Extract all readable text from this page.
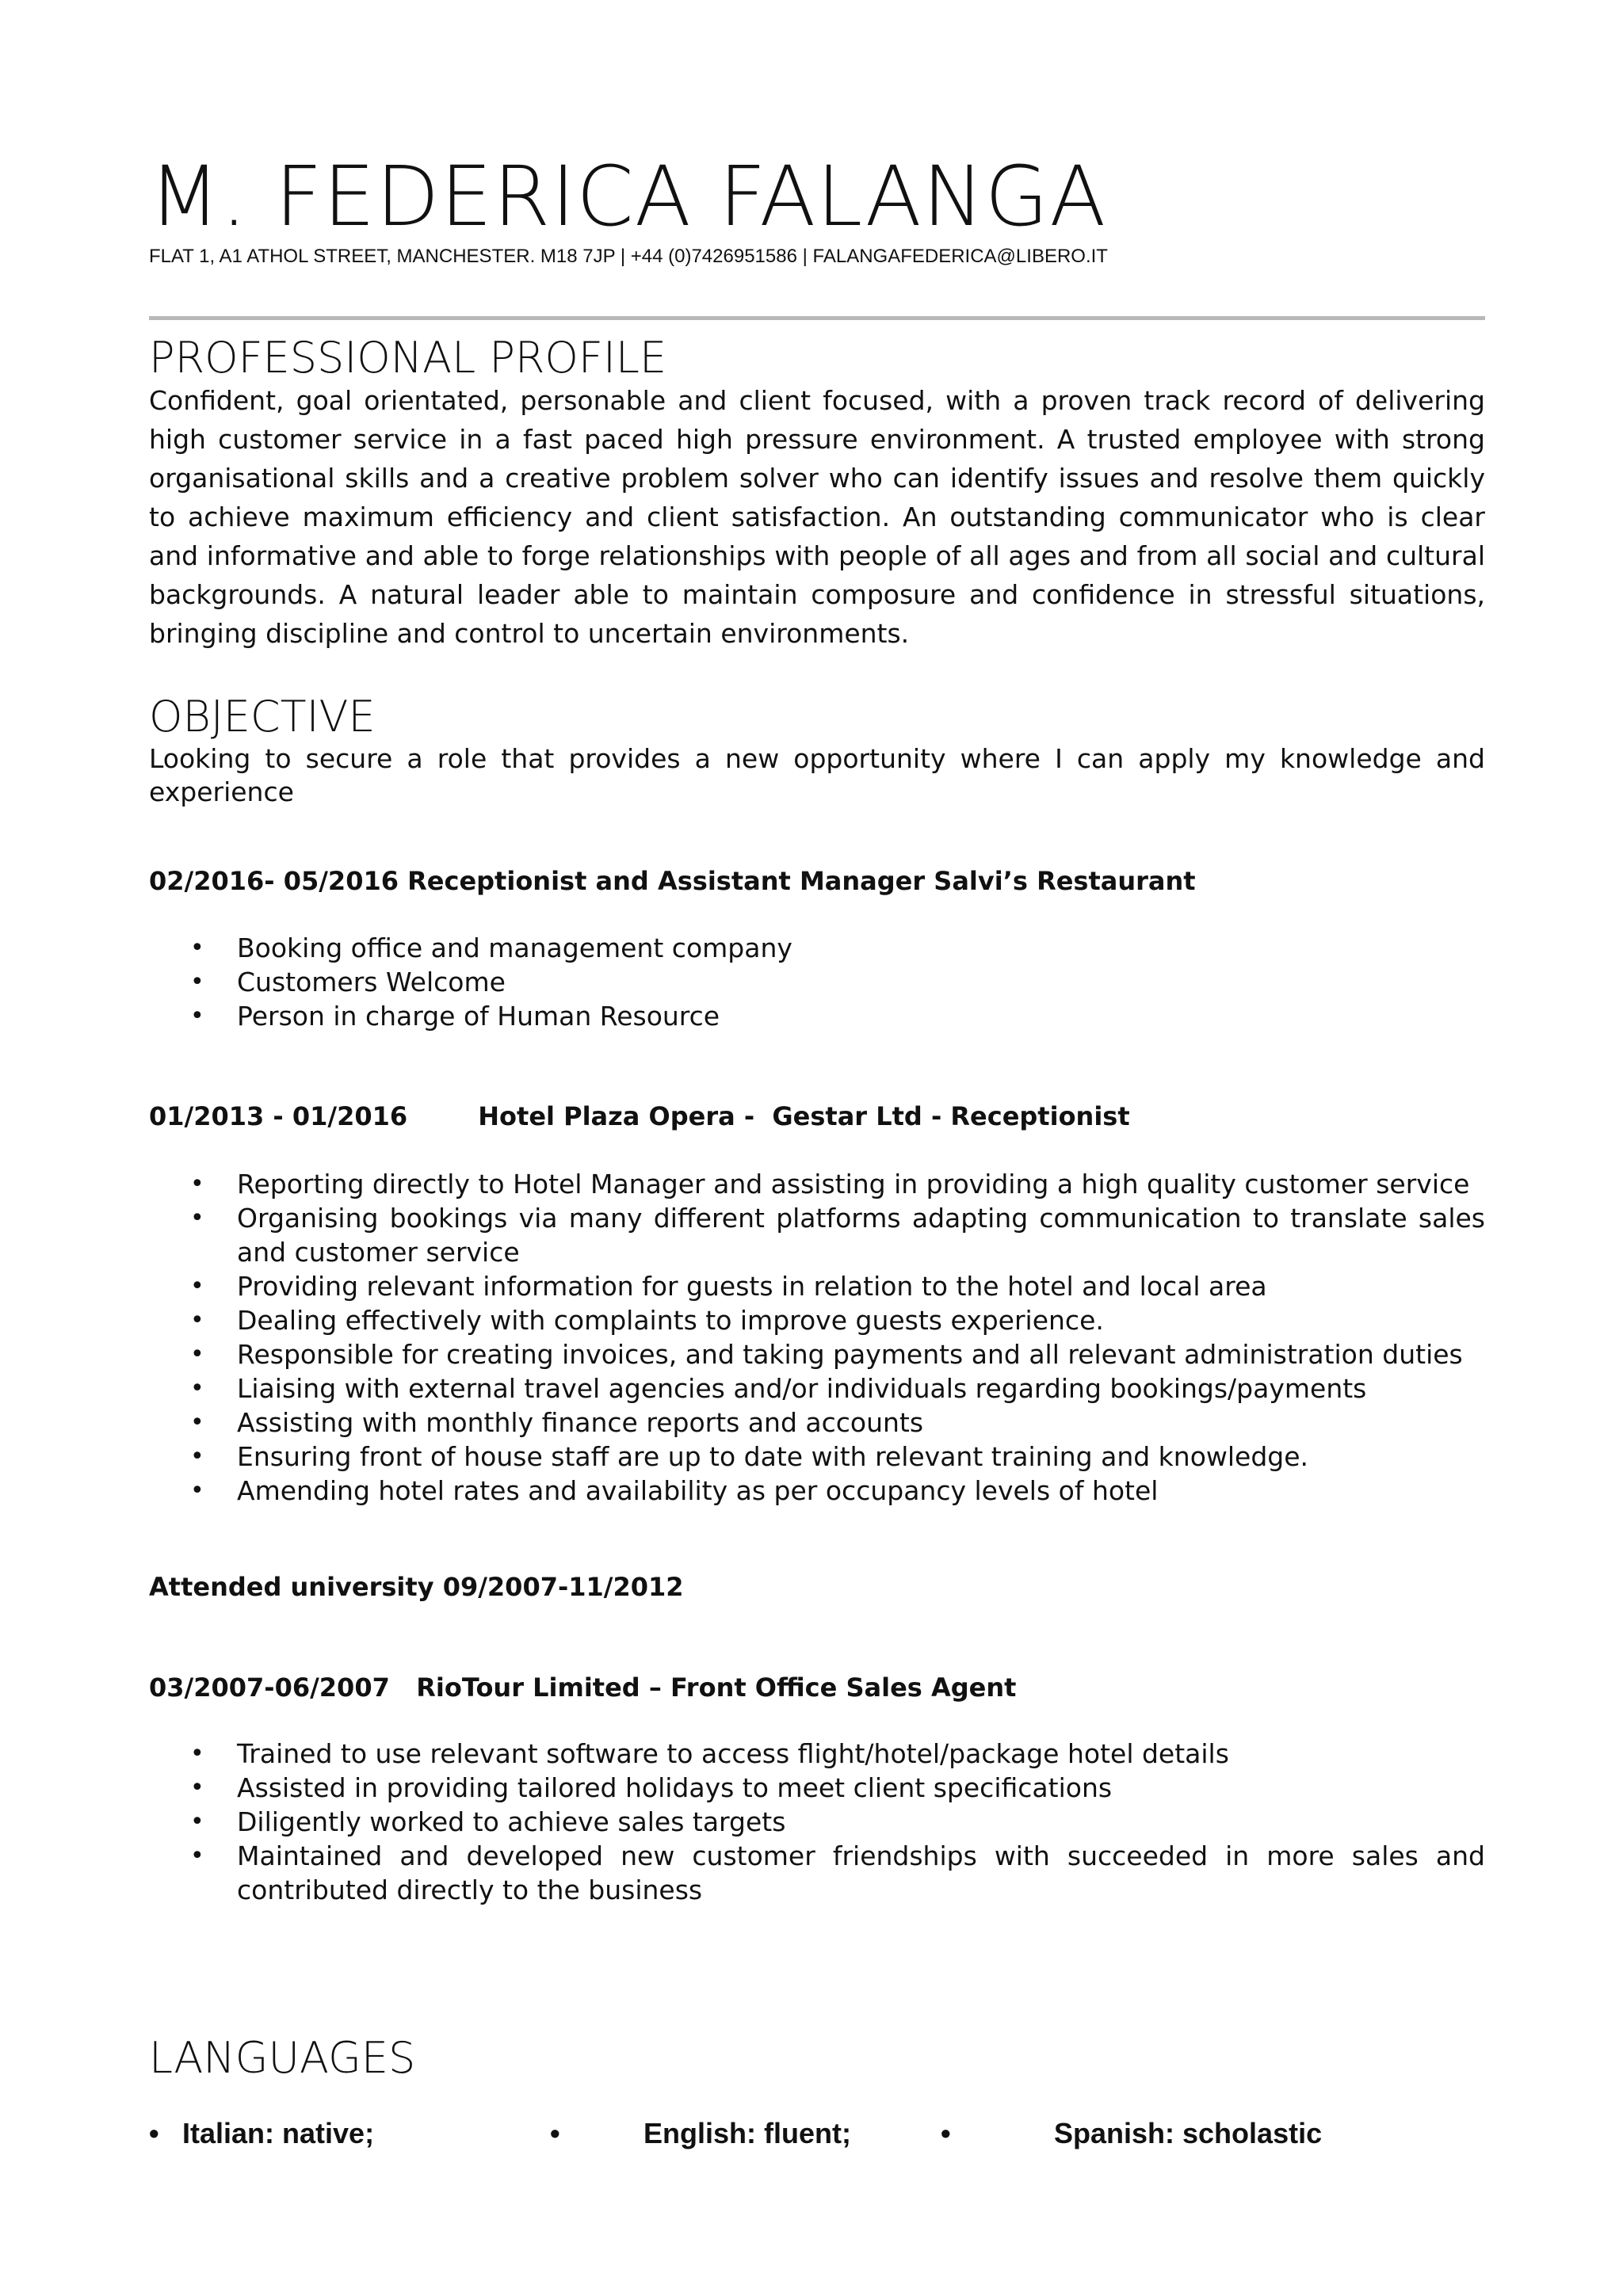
M. FEDERICA FALANGA
FLAT 1, A1 ATHOL STREET, MANCHESTER. M18 7JP | +44 (0)7426951586 | FALANGAFEDERICA@LIBERO.IT
PROFESSIONAL PROFILE
Confident, goal orientated, personable and client focused, with a proven track record of delivering high customer service in a fast paced high pressure environment. A trusted employee with strong organisational skills and a creative problem solver who can identify issues and resolve them quickly to achieve maximum efficiency and client satisfaction. An outstanding communicator who is clear and informative and able to forge relationships with people of all ages and from all social and cultural backgrounds. A natural leader able to maintain composure and confidence in stressful situations, bringing discipline and control to uncertain environments.
OBJECTIVE
Looking to secure a role that provides a new opportunity where I can apply my knowledge and experience
02/2016- 05/2016 Receptionist and Assistant Manager Salvi’s Restaurant
• Booking office and management company
• Customers Welcome
• Person in charge of Human Resource
01/2013 - 01/2016        Hotel Plaza Opera -  Gestar Ltd - Receptionist
• Reporting directly to Hotel Manager and assisting in providing a high quality customer service
• Organising bookings via many different platforms adapting communication to translate sales and customer service
• Providing relevant information for guests in relation to the hotel and local area
• Dealing effectively with complaints to improve guests experience.
• Responsible for creating invoices, and taking payments and all relevant administration duties
• Liaising with external travel agencies and/or individuals regarding bookings/payments
• Assisting with monthly finance reports and accounts
• Ensuring front of house staff are up to date with relevant training and knowledge.
• Amending hotel rates and availability as per occupancy levels of hotel
Attended university 09/2007-11/2012
03/2007-06/2007   RioTour Limited – Front Office Sales Agent
• Trained to use relevant software to access flight/hotel/package hotel details
• Assisted in providing tailored holidays to meet client specifications
• Diligently worked to achieve sales targets
• Maintained and developed new customer friendships with succeeded in more sales and contributed directly to the business
LANGUAGES
• Italian: native;	•	English: fluent;	•	Spanish: scholastic
